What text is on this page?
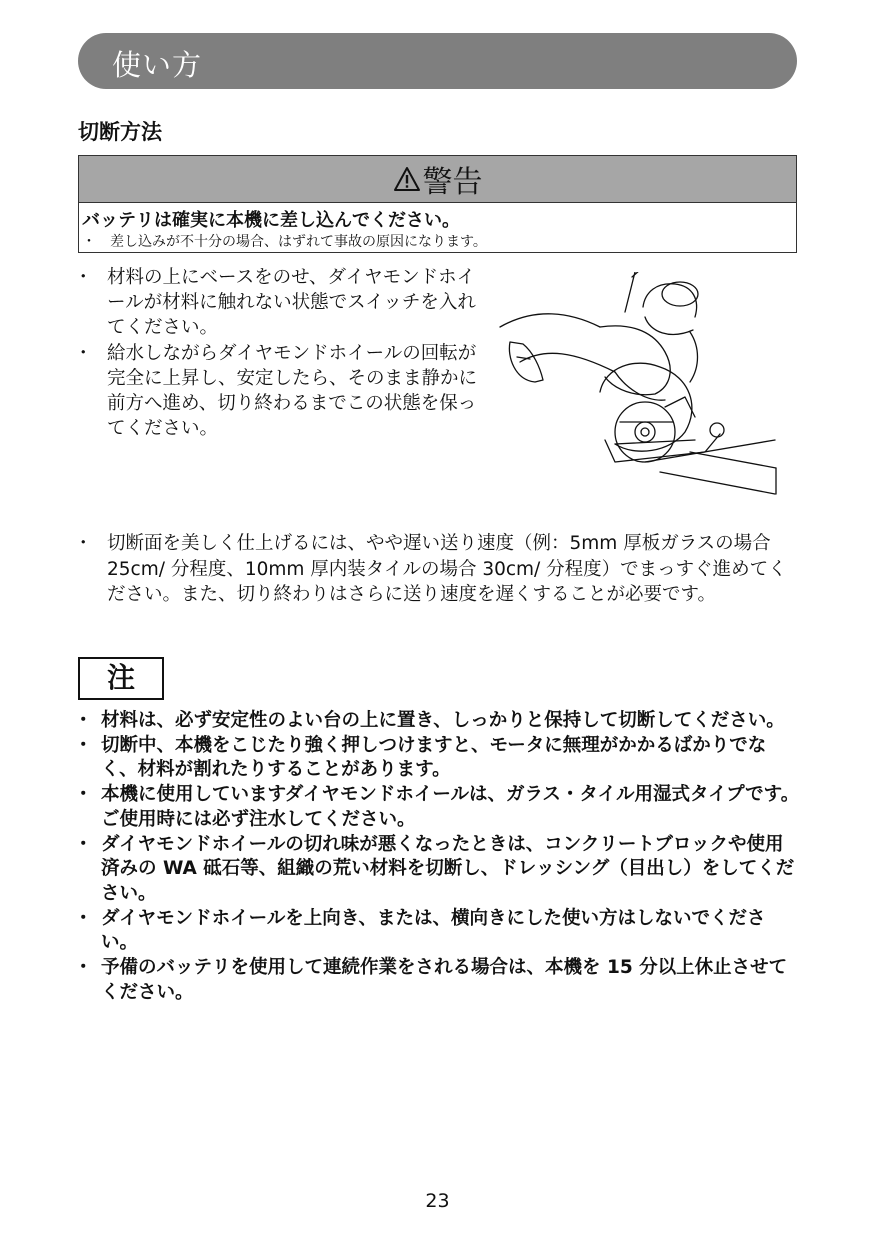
使い方
切断方法
警告
バッテリは確実に本機に差し込んでください。
・　差し込みが不十分の場合、はずれて事故の原因になります。
・ 材料の上にベースをのせ、ダイヤモンドホイールが材料に触れない状態でスイッチを入れてください。
・ 給水しながらダイヤモンドホイールの回転が完全に上昇し、安定したら、そのまま静かに前方へ進め、切り終わるまでこの状態を保ってください。
・ 切断面を美しく仕上げるには、やや遅い送り速度（例：5mm 厚板ガラスの場合 25cm/ 分程度、10mm 厚内装タイルの場合 30cm/ 分程度）でまっすぐ進めてください。また、切り終わりはさらに送り速度を遅くすることが必要です。
注
・ 材料は、必ず安定性のよい台の上に置き、しっかりと保持して切断してください。
・ 切断中、本機をこじたり強く押しつけますと、モータに無理がかかるばかりでなく、材料が割れたりすることがあります。
・ 本機に使用していますダイヤモンドホイールは、ガラス・タイル用湿式タイプです。ご使用時には必ず注水してください。
・ ダイヤモンドホイールの切れ味が悪くなったときは、コンクリートブロックや使用済みの WA 砥石等、組織の荒い材料を切断し、ドレッシング（目出し）をしてください。
・ ダイヤモンドホイールを上向き、または、横向きにした使い方はしないでください。
・ 予備のバッテリを使用して連続作業をされる場合は、本機を 15 分以上休止させてください。
23
